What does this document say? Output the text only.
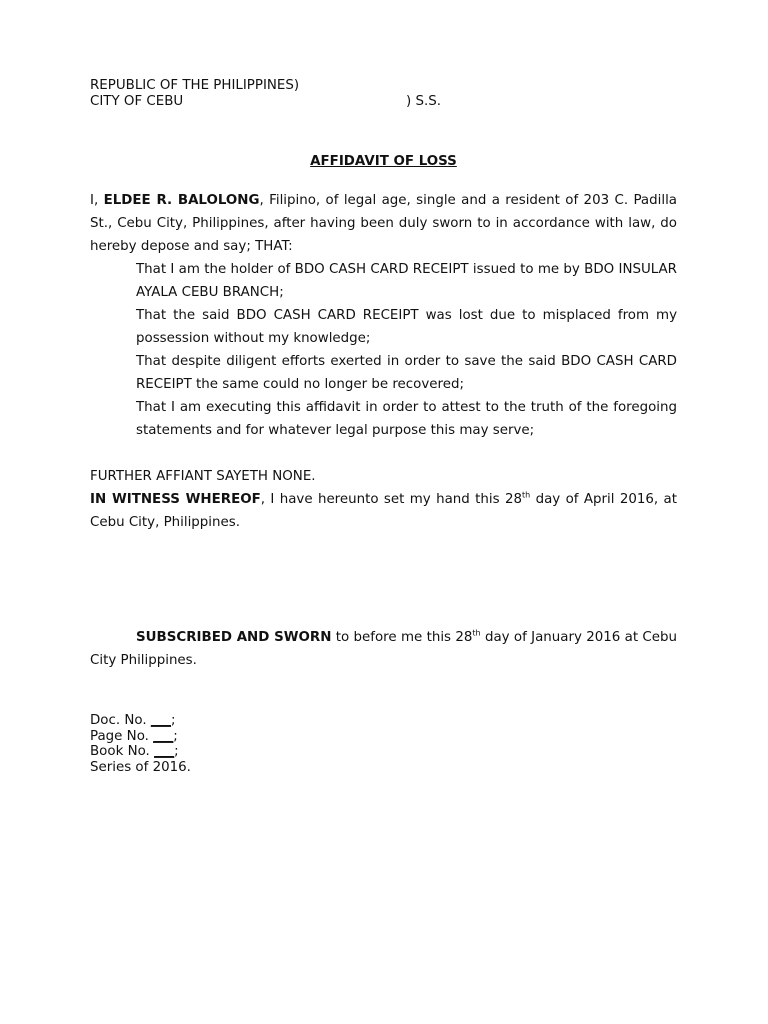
REPUBLIC OF THE PHILIPPINES)
CITY OF CEBU	) S.S.
AFFIDAVIT OF LOSS

I, ELDEE R. BALOLONG, Filipino, of legal age, single and a resident of 203 C. Padilla St., Cebu City, Philippines, after having been duly sworn to in accordance with law, do hereby depose and say; THAT:

That I am the holder of BDO CASH CARD RECEIPT issued to me by BDO INSULAR AYALA CEBU BRANCH;

That the said BDO CASH CARD RECEIPT was lost due to misplaced from my possession without my knowledge;

That despite diligent efforts exerted in order to save the said BDO CASH CARD RECEIPT the same could no longer be recovered;

That I am executing this affidavit in order to attest to the truth of the foregoing statements and for whatever legal purpose this may serve;

FURTHER AFFIANT SAYETH NONE.

IN WITNESS WHEREOF, I have hereunto set my hand this 28th day of April 2016, at Cebu City, Philippines.

SUBSCRIBED AND SWORN to before me this 28th day of January 2016 at Cebu City Philippines.

Doc. No. ___;
Page No. ___;
Book No. ___;
Series of 2016.
